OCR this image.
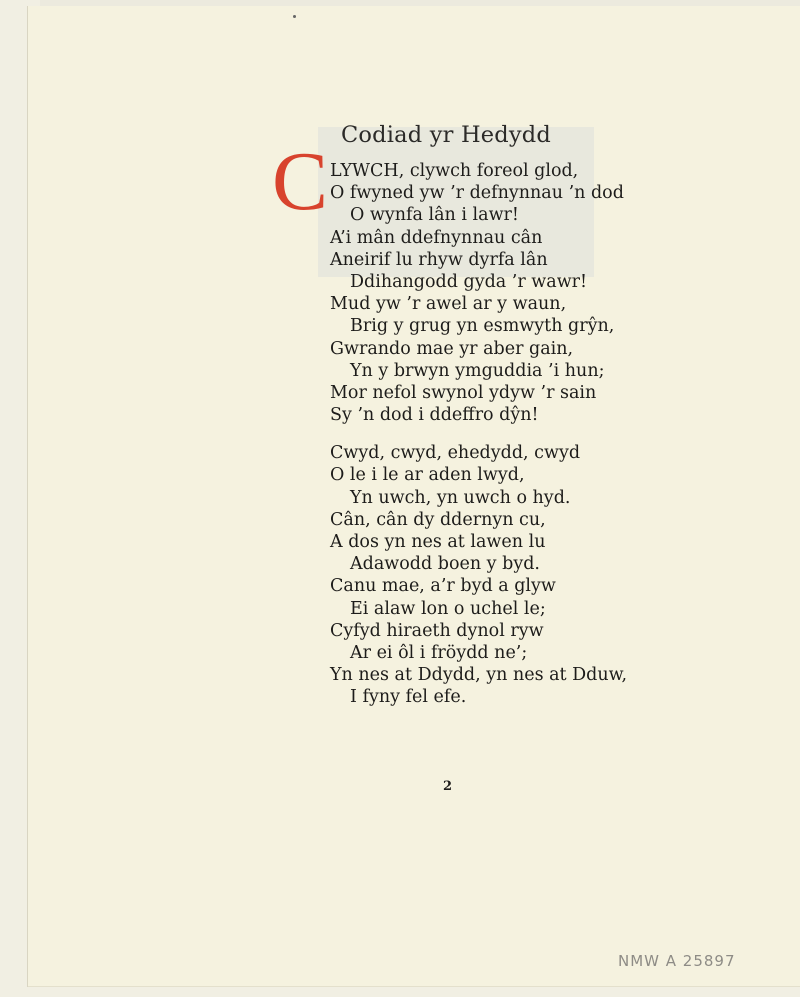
Codiad yr Hedydd
C LYWCH, clywch foreol glod,
O fwyned yw ’r defnynnau ’n dod
O wynfa lân i lawr!
A’i mân ddefnynnau cân
Aneirif lu rhyw dyrfa lân
Ddihangodd gyda ’r wawr!
Mud yw ’r awel ar y waun,
Brig y grug yn esmwyth grŷn,
Gwrando mae yr aber gain,
Yn y brwyn ymguddia ’i hun;
Mor nefol swynol ydyw ’r sain
Sy ’n dod i ddeffro dŷn!
Cwyd, cwyd, ehedydd, cwyd
O le i le ar aden lwyd,
Yn uwch, yn uwch o hyd.
Cân, cân dy ddernyn cu,
A dos yn nes at lawen lu
Adawodd boen y byd.
Canu mae, a’r byd a glyw
Ei alaw lon o uchel le;
Cyfyd hiraeth dynol ryw
Ar ei ôl i fröydd ne’;
Yn nes at Ddydd, yn nes at Dduw,
I fyny fel efe.
2
NMW A 25897
